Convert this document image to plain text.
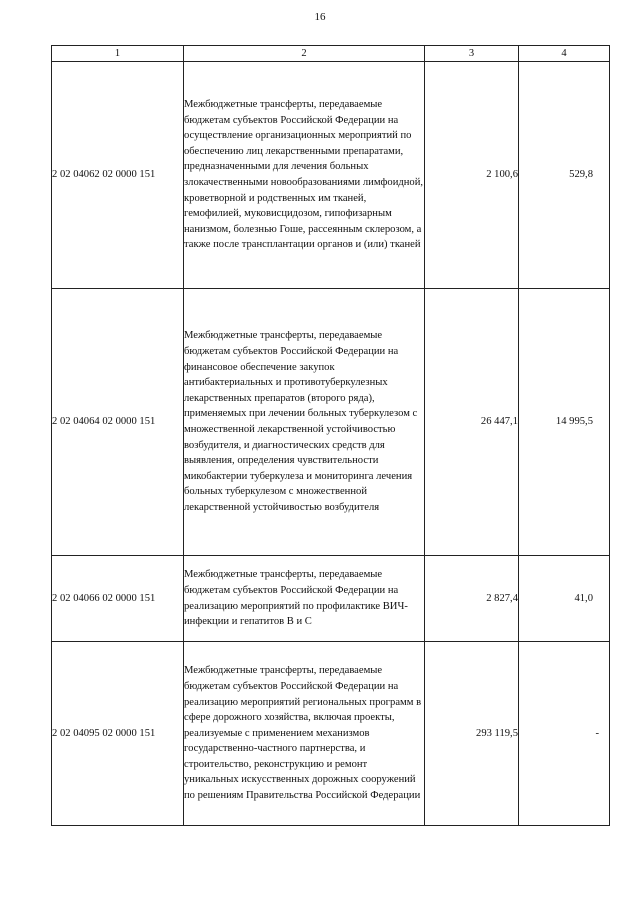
16
1	2	3	4
2 02 04062 02 0000 151	Межбюджетные трансферты, передаваемые бюджетам субъектов Российской Федерации на осуществление организационных мероприятий по обеспечению лиц лекарственными препаратами, предназначенными для лечения больных злокачественными новообразованиями лимфоидной, кроветворной и родственных им тканей, гемофилией, муковисцидозом, гипофизарным нанизмом, болезнью Гоше, рассеянным склерозом, а также после трансплантации органов и (или) тканей	2 100,6	529,8
2 02 04064 02 0000 151	Межбюджетные трансферты, передаваемые бюджетам субъектов Российской Федерации на финансовое обеспечение закупок антибактериальных и противотуберкулезных лекарственных препаратов (второго ряда), применяемых при лечении больных туберкулезом с множественной лекарственной устойчивостью возбудителя, и диагностических средств для выявления, определения чувствительности микобактерии туберкулеза и мониторинга лечения больных туберкулезом с множественной лекарственной устойчивостью возбудителя	26 447,1	14 995,5
2 02 04066 02 0000 151	Межбюджетные трансферты, передаваемые бюджетам субъектов Российской Федерации на реализацию мероприятий по профилактике ВИЧ-инфекции и гепатитов В и С	2 827,4	41,0
2 02 04095 02 0000 151	Межбюджетные трансферты, передаваемые бюджетам субъектов Российской Федерации на реализацию мероприятий региональных программ в сфере дорожного хозяйства, включая проекты, реализуемые с применением механизмов государственно-частного партнерства, и строительство, реконструкцию и ремонт уникальных искусственных дорожных сооружений по решениям Правительства Российской Федерации	293 119,5	-
